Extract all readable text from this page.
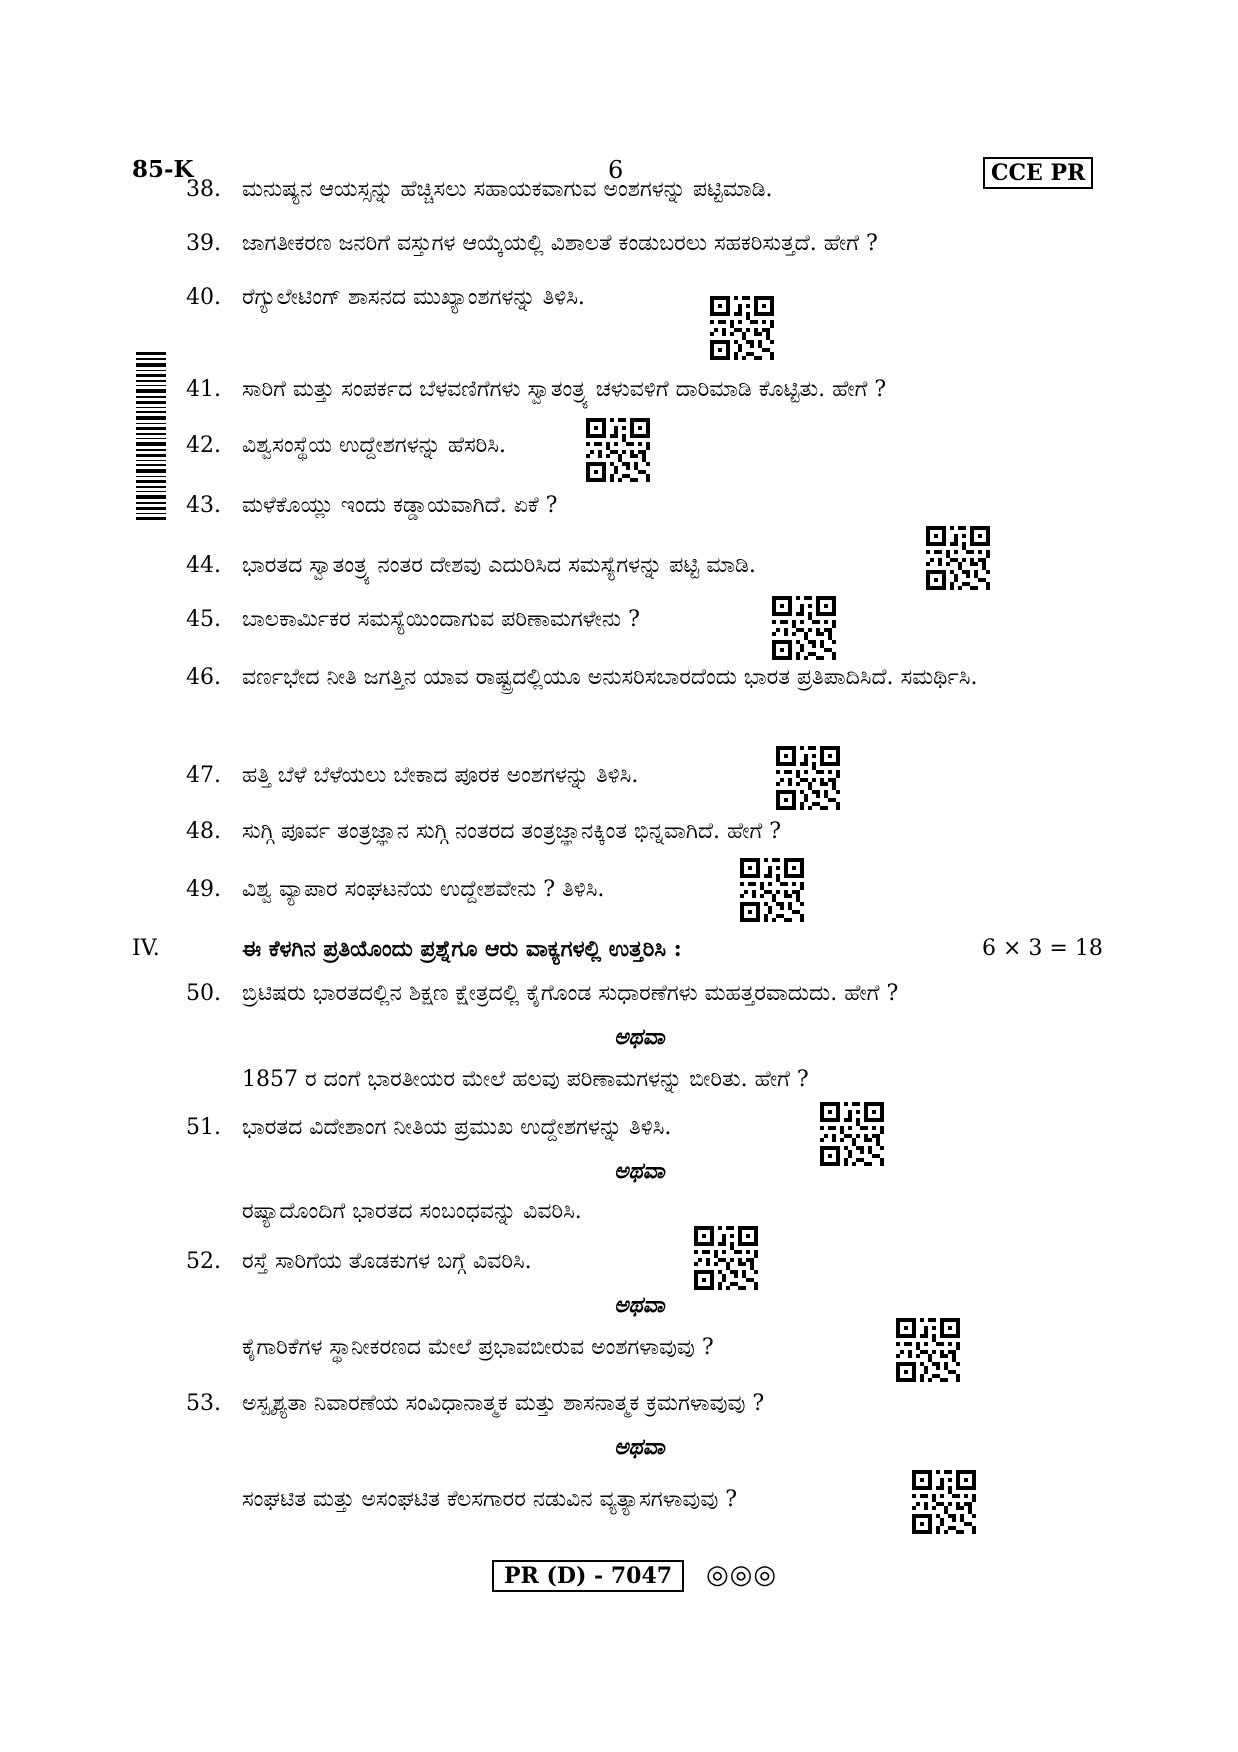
85-K	6	CCE PR
38. ಮನುಷ್ಯನ ಆಯಸ್ಸನ್ನು ಹೆಚ್ಚಿಸಲು ಸಹಾಯಕವಾಗುವ ಅಂಶಗಳನ್ನು ಪಟ್ಟಿಮಾಡಿ.
39. ಜಾಗತೀಕರಣ ಜನರಿಗೆ ವಸ್ತುಗಳ ಆಯ್ಕೆಯಲ್ಲಿ ವಿಶಾಲತೆ ಕಂಡುಬರಲು ಸಹಕರಿಸುತ್ತದೆ. ಹೇಗೆ ?
40. ರೆಗ್ಯುಲೇಟಿಂಗ್ ಶಾಸನದ ಮುಖ್ಯಾಂಶಗಳನ್ನು ತಿಳಿಸಿ.
41. ಸಾರಿಗೆ ಮತ್ತು ಸಂಪರ್ಕದ ಬೆಳವಣಿಗೆಗಳು ಸ್ವಾತಂತ್ರ್ಯ ಚಳುವಳಿಗೆ ದಾರಿಮಾಡಿ ಕೊಟ್ಟಿತು. ಹೇಗೆ ?
42. ವಿಶ್ವಸಂಸ್ಥೆಯ ಉದ್ದೇಶಗಳನ್ನು ಹೆಸರಿಸಿ.
43. ಮಳೆಕೊಯ್ಲು ಇಂದು ಕಡ್ಡಾಯವಾಗಿದೆ. ಏಕೆ ?
44. ಭಾರತದ ಸ್ವಾತಂತ್ರ್ಯ ನಂತರ ದೇಶವು ಎದುರಿಸಿದ ಸಮಸ್ಯೆಗಳನ್ನು ಪಟ್ಟಿ ಮಾಡಿ.
45. ಬಾಲಕಾರ್ಮಿಕರ ಸಮಸ್ಯೆಯಿಂದಾಗುವ ಪರಿಣಾಮಗಳೇನು ?
46. ವರ್ಣಭೇದ ನೀತಿ ಜಗತ್ತಿನ ಯಾವ ರಾಷ್ಟ್ರದಲ್ಲಿಯೂ ಅನುಸರಿಸಬಾರದೆಂದು ಭಾರತ ಪ್ರತಿಪಾದಿಸಿದೆ. ಸಮರ್ಥಿಸಿ.
47. ಹತ್ತಿ ಬೆಳೆ ಬೆಳೆಯಲು ಬೇಕಾದ ಪೂರಕ ಅಂಶಗಳನ್ನು ತಿಳಿಸಿ.
48. ಸುಗ್ಗಿ ಪೂರ್ವ ತಂತ್ರಜ್ಞಾನ ಸುಗ್ಗಿ ನಂತರದ ತಂತ್ರಜ್ಞಾನಕ್ಕಿಂತ ಭಿನ್ನವಾಗಿದೆ. ಹೇಗೆ ?
49. ವಿಶ್ವ ವ್ಯಾಪಾರ ಸಂಘಟನೆಯ ಉದ್ದೇಶವೇನು ? ತಿಳಿಸಿ.
IV.	ಈ ಕೆಳಗಿನ ಪ್ರತಿಯೊಂದು ಪ್ರಶ್ನೆಗೂ ಆರು ವಾಕ್ಯಗಳಲ್ಲಿ ಉತ್ತರಿಸಿ :	6 × 3 = 18
50. ಬ್ರಿಟಿಷರು ಭಾರತದಲ್ಲಿನ ಶಿಕ್ಷಣ ಕ್ಷೇತ್ರದಲ್ಲಿ ಕೈಗೊಂಡ ಸುಧಾರಣೆಗಳು ಮಹತ್ತರವಾದುದು. ಹೇಗೆ ?
ಅಥವಾ
1857 ರ ದಂಗೆ ಭಾರತೀಯರ ಮೇಲೆ ಹಲವು ಪರಿಣಾಮಗಳನ್ನು ಬೀರಿತು. ಹೇಗೆ ?
51. ಭಾರತದ ವಿದೇಶಾಂಗ ನೀತಿಯ ಪ್ರಮುಖ ಉದ್ದೇಶಗಳನ್ನು ತಿಳಿಸಿ.
ಅಥವಾ
ರಷ್ಯಾದೊಂದಿಗೆ ಭಾರತದ ಸಂಬಂಧವನ್ನು ವಿವರಿಸಿ.
52. ರಸ್ತೆ ಸಾರಿಗೆಯ ತೊಡಕುಗಳ ಬಗ್ಗೆ ವಿವರಿಸಿ.
ಅಥವಾ
ಕೈಗಾರಿಕೆಗಳ ಸ್ಥಾನೀಕರಣದ ಮೇಲೆ ಪ್ರಭಾವಬೀರುವ ಅಂಶಗಳಾವುವು ?
53. ಅಸ್ಪೃಶ್ಯತಾ ನಿವಾರಣೆಯ ಸಂವಿಧಾನಾತ್ಮಕ ಮತ್ತು ಶಾಸನಾತ್ಮಕ ಕ್ರಮಗಳಾವುವು ?
ಅಥವಾ
ಸಂಘಟಿತ ಮತ್ತು ಅಸಂಘಟಿತ ಕೆಲಸಗಾರರ ನಡುವಿನ ವ್ಯತ್ಯಾಸಗಳಾವುವು ?
PR (D) - 7047	◎◎◎
